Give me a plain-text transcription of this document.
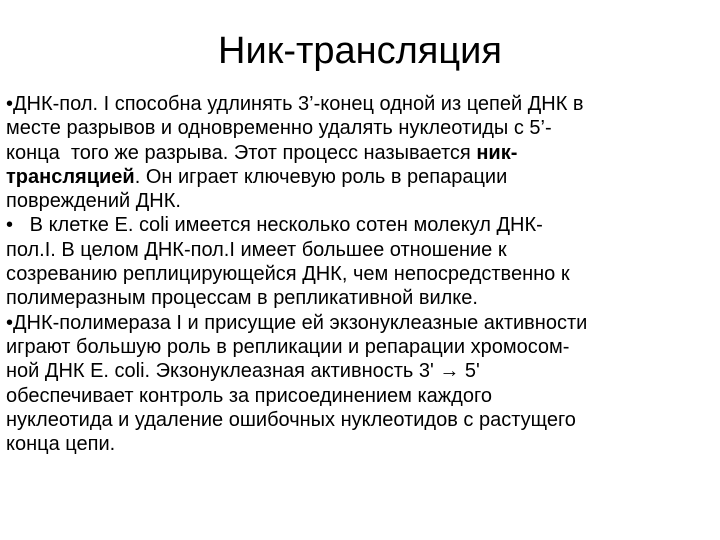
Ник-трансляция

•ДНК-пол. I способна удлинять 3’-конец одной из цепей ДНК в

месте разрывов и одновременно удалять нуклеотиды с 5’-

конца  того же разрыва. Этот процесс называется ник-

трансляцией. Он играет ключевую роль в репарации

повреждений ДНК.

•   В клетке E. coli имеется несколько сотен молекул ДНК-

пол.I. В целом ДНК-пол.I имеет большее отношение к

созреванию реплицирующейся ДНК, чем непосредственно к

полимеразным процессам в репликативной вилке.

•ДНК-полимераза I и присущие ей экзонуклеазные активности

играют большую роль в репликации и репарации хромосом-

ной ДНК E. coli. Экзонуклеазная активность 3' → 5'

обеспечивает контроль за присоединением каждого

нуклеотида и удаление ошибочных нуклеотидов с растущего

конца цепи.
